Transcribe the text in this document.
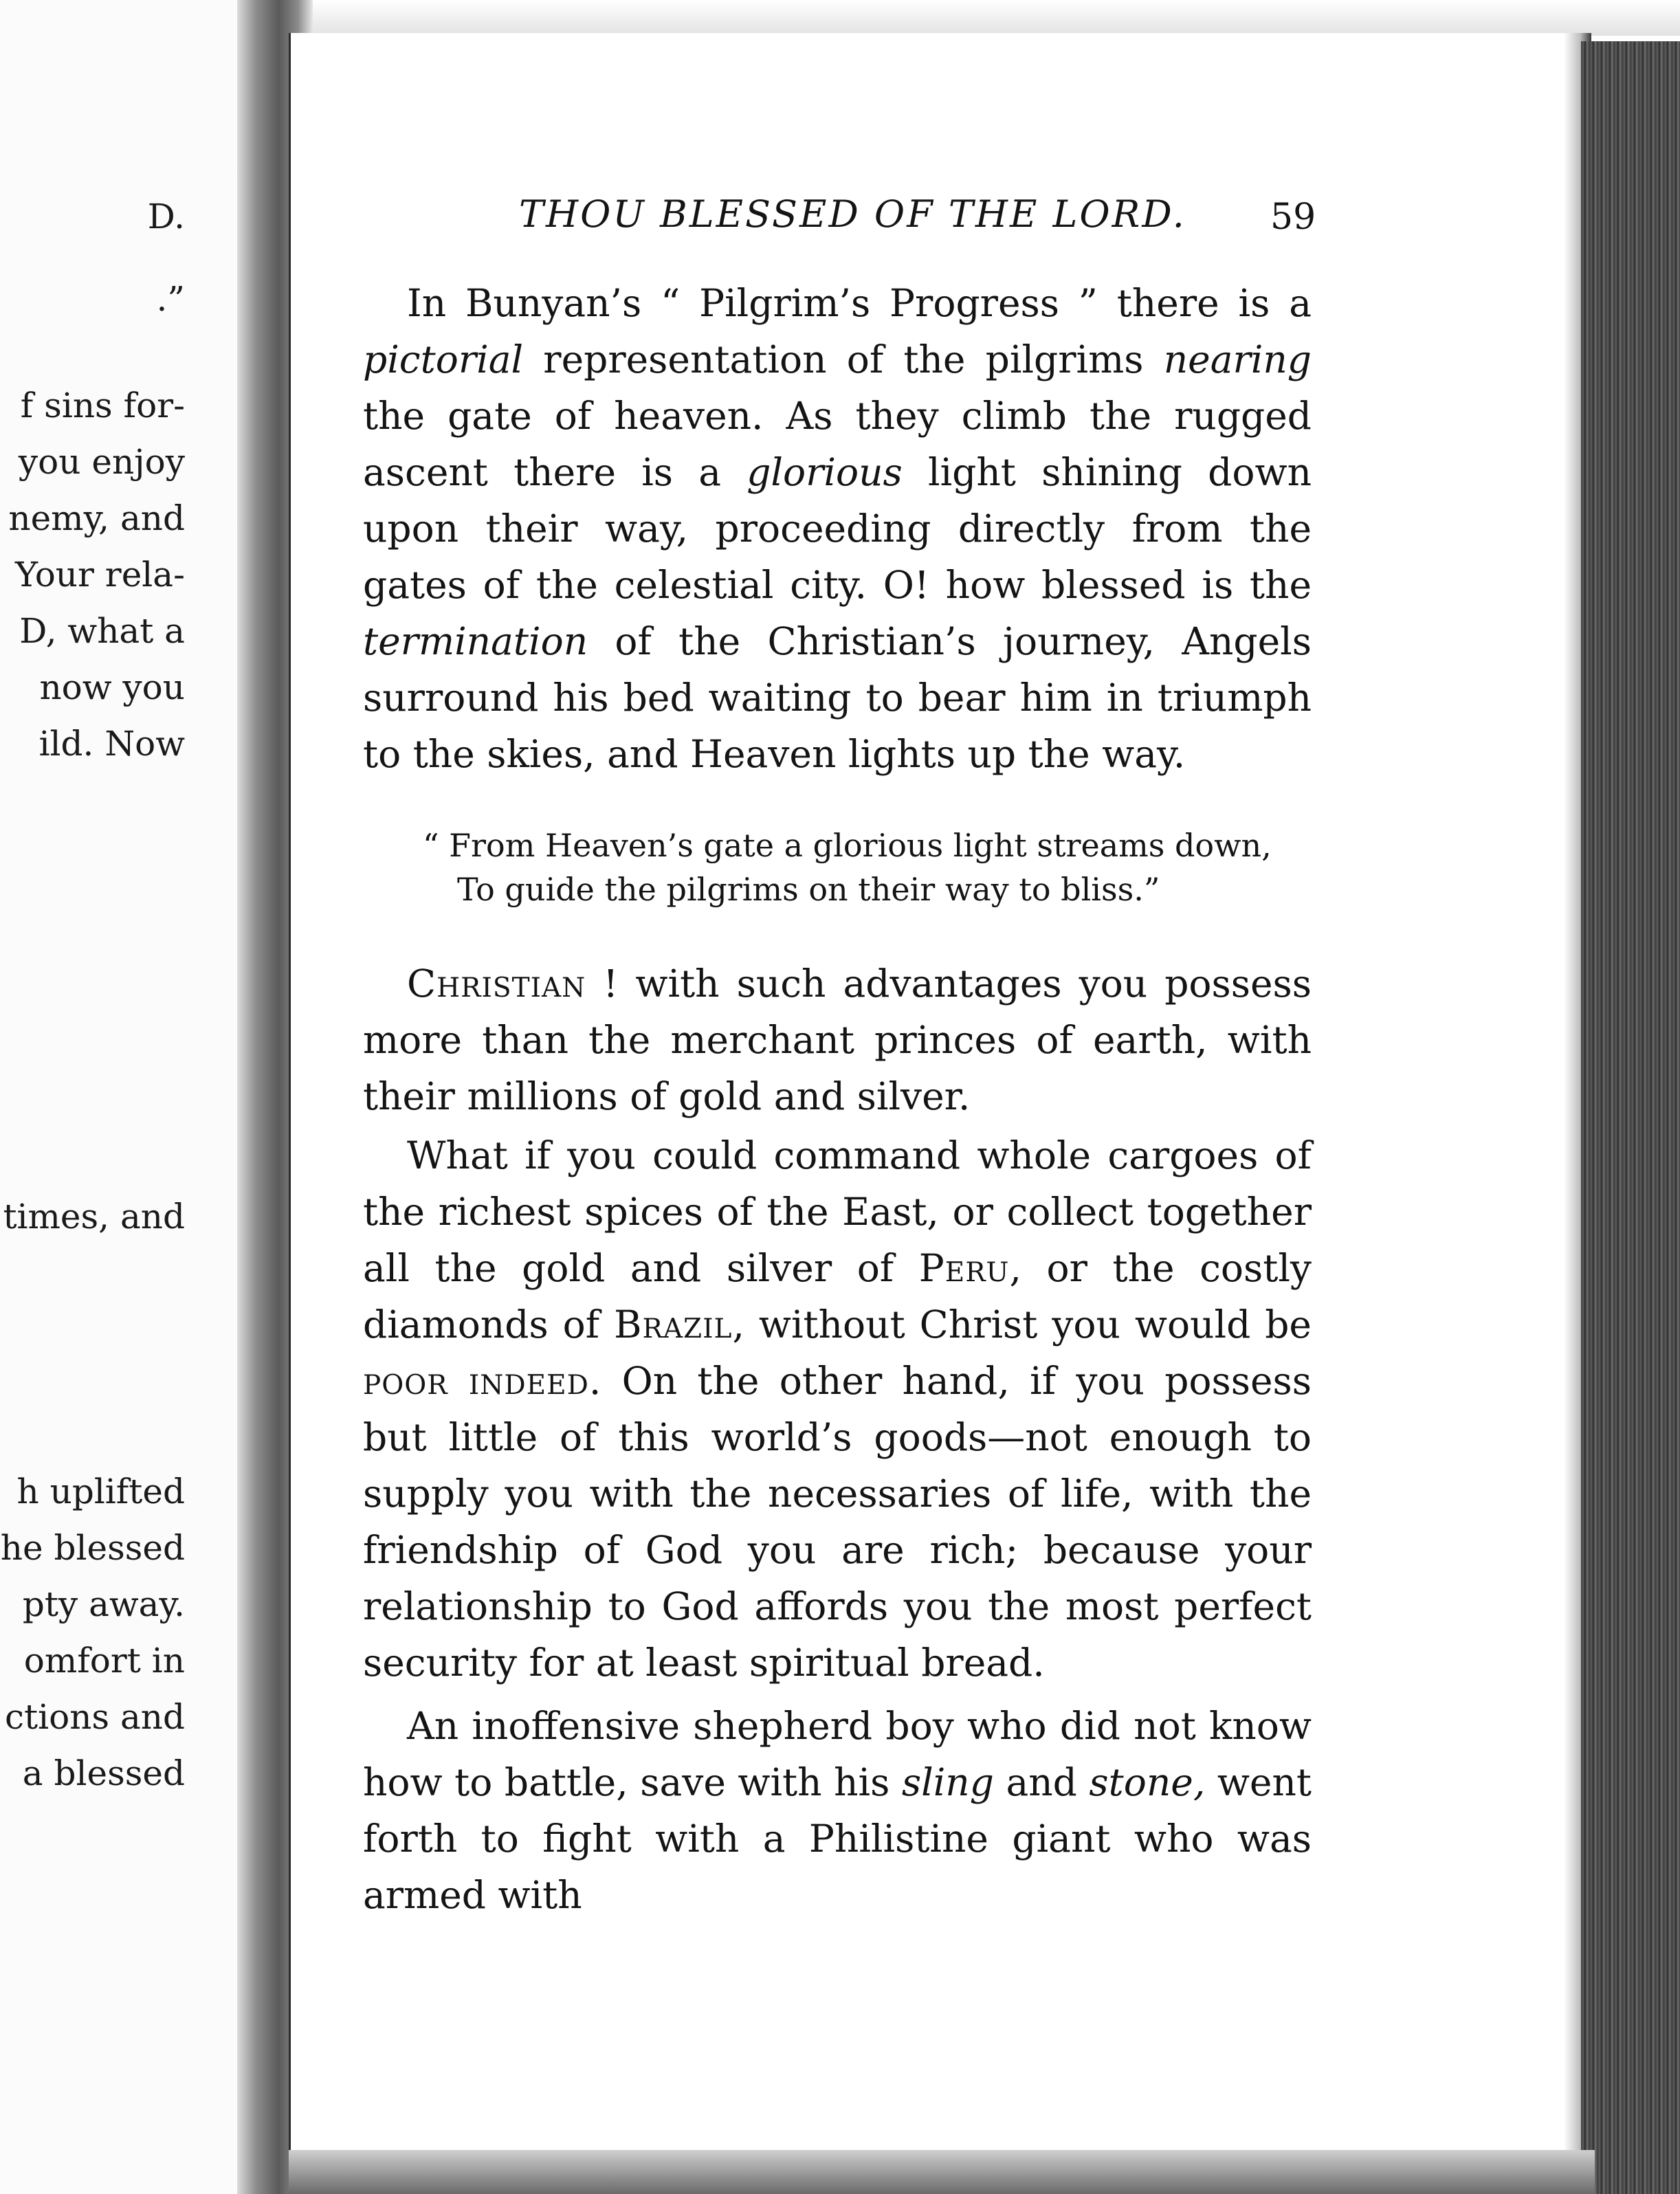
D.
.”
f sins for-
you enjoy
nemy, and
Your rela-
D, what a
now you
ild. Now
times, and
h uplifted
he blessed
pty away.
omfort in
ctions and
a blessed
THOU BLESSED OF THE LORD. 59

In Bunyan’s “ Pilgrim’s Progress ” there is a pictorial representation of the pilgrims nearing the gate of heaven. As they climb the rugged ascent there is a glorious light shining down upon their way, proceeding directly from the gates of the celestial city. O! how blessed is the termination of the Christian’s journey, Angels surround his bed waiting to bear him in triumph to the skies, and Heaven lights up the way.

“ From Heaven’s gate a glorious light streams down,
To guide the pilgrims on their way to bliss.”

Christian ! with such advantages you possess more than the merchant princes of earth, with their millions of gold and silver.

What if you could command whole cargoes of the richest spices of the East, or collect together all the gold and silver of Peru, or the costly diamonds of Brazil, without Christ you would be poor indeed. On the other hand, if you possess but little of this world’s goods—not enough to supply you with the necessaries of life, with the friendship of God you are rich; because your relationship to God affords you the most perfect security for at least spiritual bread.

An inoffensive shepherd boy who did not know how to battle, save with his sling and stone, went forth to fight with a Philistine giant who was armed with
